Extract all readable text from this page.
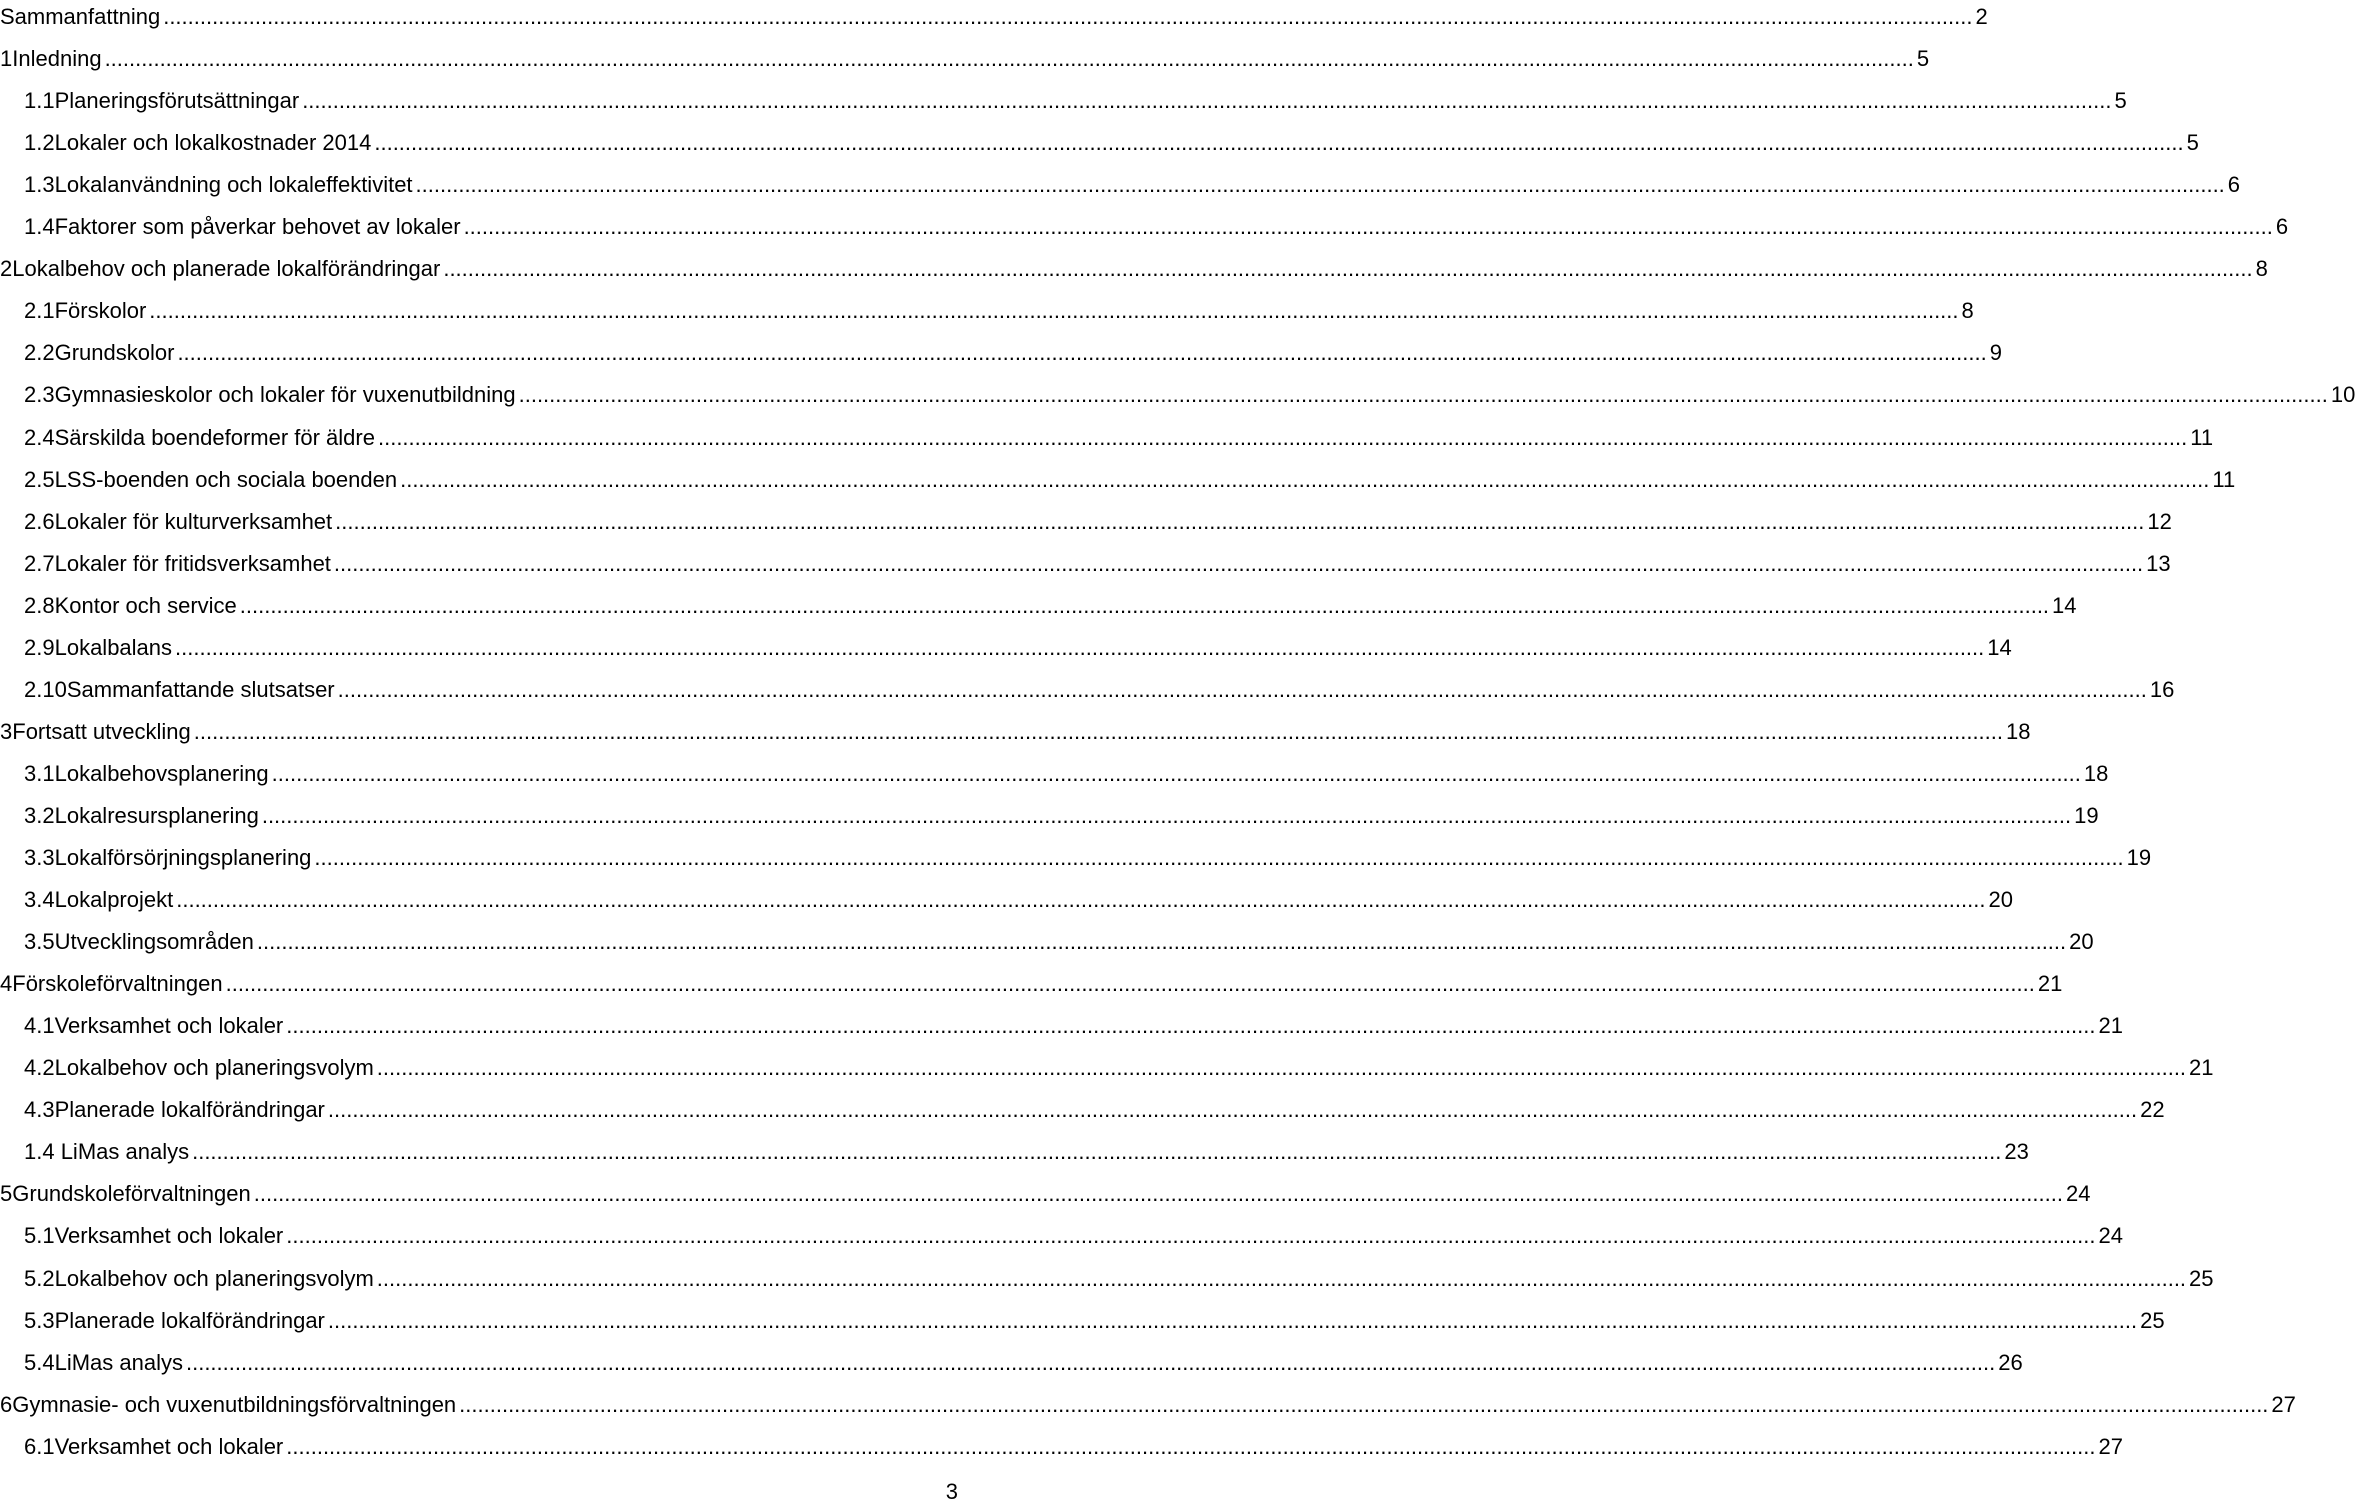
Sammanfattning .....	2
1 Inledning .....	5
1.1 Planeringsförutsättningar .....	5
1.2 Lokaler och lokalkostnader 2014 .....	5
1.3 Lokalanvändning och lokaleffektivitet .....	6
1.4 Faktorer som påverkar behovet av lokaler .....	6
2 Lokalbehov och planerade lokalförändringar .....	8
2.1 Förskolor .....	8
2.2 Grundskolor .....	9
2.3 Gymnasieskolor och lokaler för vuxenutbildning .....	10
2.4 Särskilda boendeformer för äldre .....	11
2.5 LSS-boenden och sociala boenden .....	11
2.6 Lokaler för kulturverksamhet .....	12
2.7 Lokaler för fritidsverksamhet .....	13
2.8 Kontor och service .....	14
2.9 Lokalbalans .....	14
2.10 Sammanfattande slutsatser .....	16
3 Fortsatt utveckling .....	18
3.1 Lokalbehovsplanering .....	18
3.2 Lokalresursplanering .....	19
3.3 Lokalförsörjningsplanering .....	19
3.4 Lokalprojekt .....	20
3.5 Utvecklingsområden .....	20
4 Förskoleförvaltningen .....	21
4.1 Verksamhet och lokaler .....	21
4.2 Lokalbehov och planeringsvolym .....	21
4.3 Planerade lokalförändringar .....	22
1.4 LiMas analys .....	23
5 Grundskoleförvaltningen .....	24
5.1 Verksamhet och lokaler .....	24
5.2 Lokalbehov och planeringsvolym .....	25
5.3 Planerade lokalförändringar .....	25
5.4 LiMas analys .....	26
6 Gymnasie- och vuxenutbildningsförvaltningen .....	27
6.1 Verksamhet och lokaler .....	27
3
